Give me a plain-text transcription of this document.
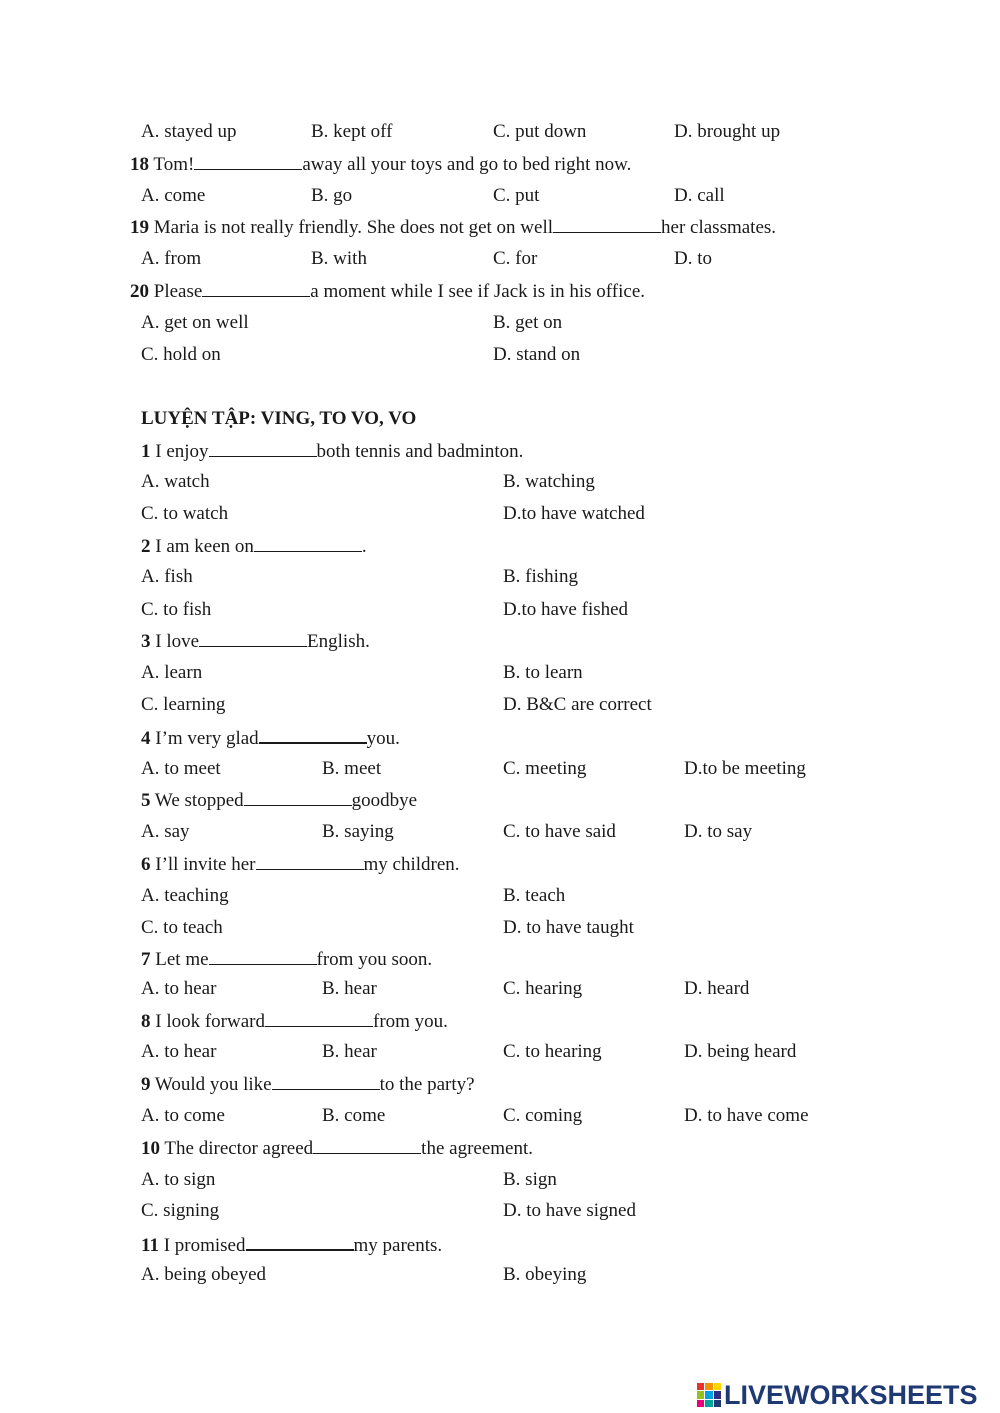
A. stayed up	B. kept off	C. put down	D. brought up
18 Tom!	away all your toys and go to bed right now.
A. come	B. go	C. put	D. call
19 Maria is not really friendly. She does not get on well	her classmates.
A. from	B. with	C. for	D. to
20 Please	a moment while I see if Jack is in his office.
A. get on well	B. get on
C. hold on	D. stand on
LUYỆN TẬP: VING, TO VO, VO
1 I enjoy	both tennis and badminton.
A. watch	B. watching
C. to watch	D.to have watched
2 I am keen on	.
A. fish	B. fishing
C. to fish	D.to have fished
3 I love	English.
A. learn	B. to learn
C. learning	D. B&C are correct
4 I’m very glad	you.
A. to meet	B. meet	C. meeting	D.to be meeting
5 We stopped	goodbye
A. say	B. saying	C. to have said	D. to say
6 I’ll invite her	my children.
A. teaching	B. teach
C. to teach	D. to have taught
7 Let me	from you soon.
A. to hear	B. hear	C. hearing	D. heard
8 I look forward	from you.
A. to hear	B. hear	C. to hearing	D. being heard
9 Would you like	to the party?
A. to come	B. come	C. coming	D. to have come
10 The director agreed	the agreement.
A. to sign	B. sign
C. signing	D. to have signed
11 I promised	my parents.
A. being obeyed	B. obeying
LIVEWORKSHEETS
